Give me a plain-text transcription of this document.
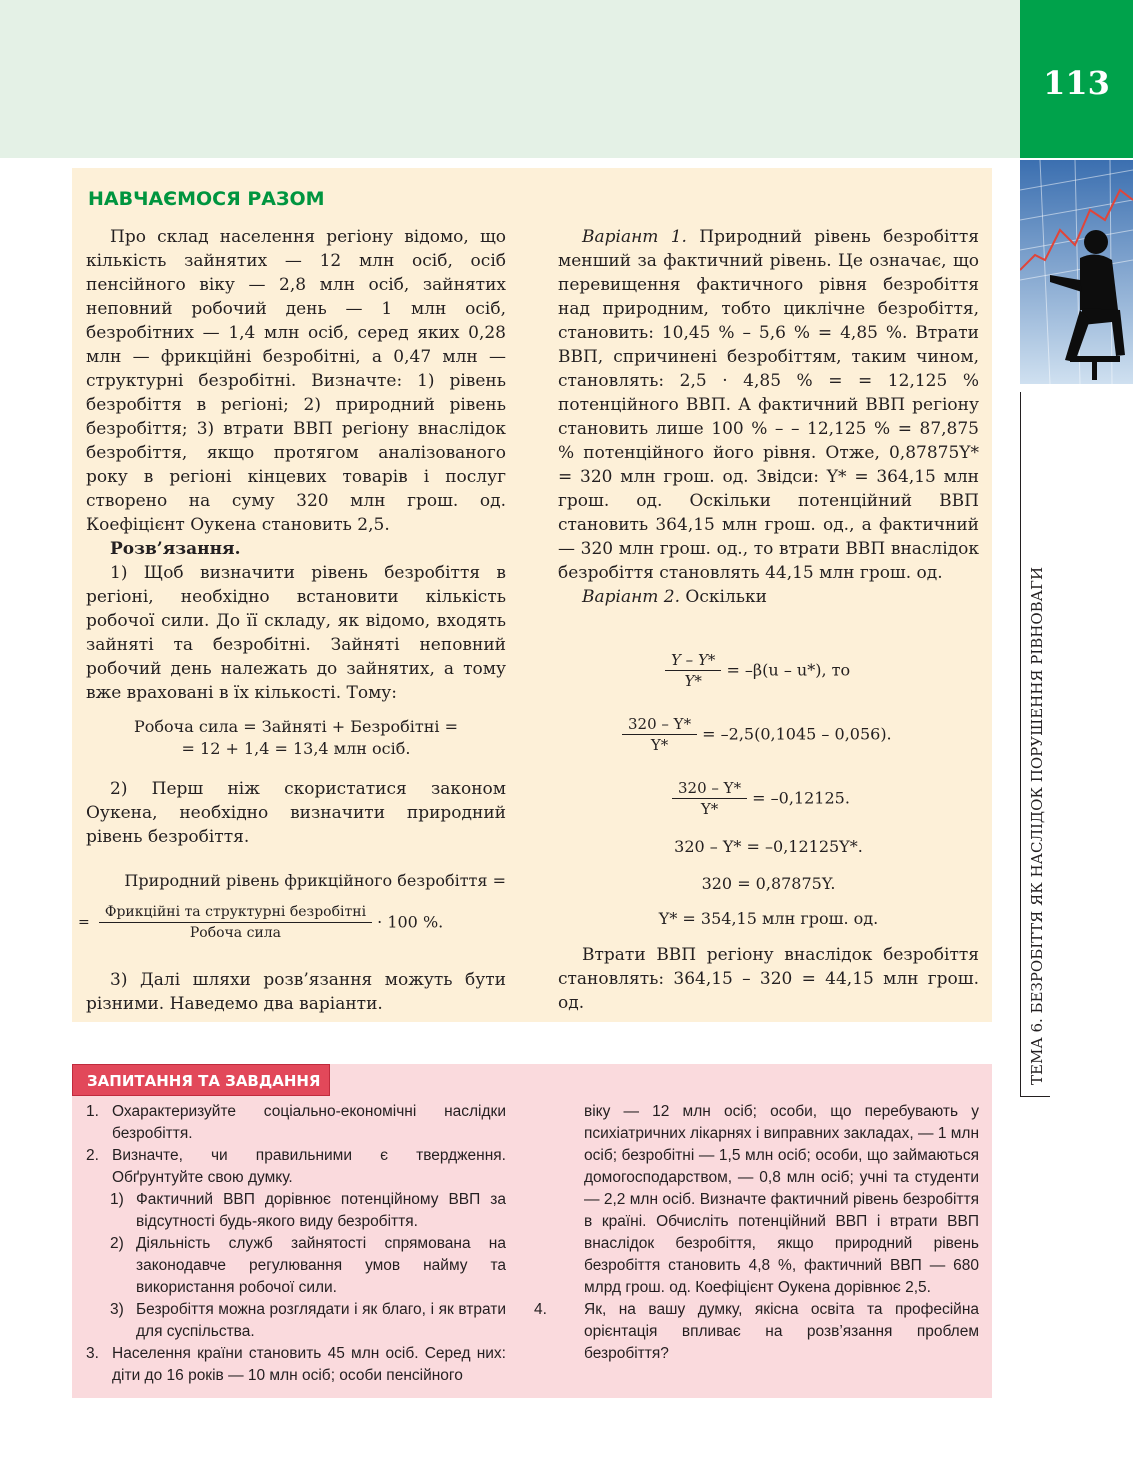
113
ТЕМА 6. БЕЗРОБІТТЯ ЯК НАСЛІДОК ПОРУШЕННЯ РІВНОВАГИ
НАВЧАЄМОСЯ РАЗОМ

Про склад населення регіону відомо, що кількість зайнятих — 12 млн осіб, осіб пенсійного віку — 2,8 млн осіб, зайнятих неповний робочий день — 1 млн осіб, безробітних — 1,4 млн осіб, серед яких 0,28 млн — фрикційні безробітні, а 0,47 млн — структурні безробітні. Визначте: 1) рівень безробіття в регіоні; 2) природний рівень безробіття; 3) втрати ВВП регіону внаслідок безробіття, якщо протягом аналізованого року в регіоні кінцевих товарів і послуг створено на суму 320 млн грош. од. Коефіцієнт Оукена становить 2,5.

Розв’язання.

1) Щоб визначити рівень безробіття в регіоні, необхідно встановити кількість робочої сили. До її складу, як відомо, входять зайняті та безробітні. Зайняті неповний робочий день належать до зайнятих, а тому вже враховані в їх кількості. Тому:

Робоча сила = Зайняті + Безробітні =
= 12 + 1,4 = 13,4 млн осіб.

2) Перш ніж скористатися законом Оукена, необхідно визначити природний рівень безробіття.

Природний рівень фрикційного безробіття =
= $\frac{\text{Фрикційні та структурні безробітні}}{\text{Робоча сила}} \cdot 100$ %.

3) Далі шляхи розв’язання можуть бути різними. Наведемо два варіанти.

Варіант 1. Природний рівень безробіття менший за фактичний рівень. Це означає, що перевищення фактичного рівня безробіття над природним, тобто циклічне безробіття, становить: 10,45 % – 5,6 % = 4,85 %. Втрати ВВП, спричинені безробіттям, таким чином, становлять: 2,5 · 4,85 % = = 12,125 % потенційного ВВП. А фактичний ВВП регіону становить лише 100 % – – 12,125 % = 87,875 % потенційного його рівня. Отже, 0,87875Y* = 320 млн грош. од. Звідси: Y* = 364,15 млн грош. од. Оскільки потенційний ВВП становить 364,15 млн грош. од., а фактичний — 320 млн грош. од., то втрати ВВП внаслідок безробіття становлять 44,15 млн грош. од.

Варіант 2. Оскільки

$\frac{Y - Y*}{Y*} = -\beta(u - u*)$, то
$\frac{320 - Y*}{Y*} = -2,5(0,1045 - 0,056)$.
$\frac{320 - Y*}{Y*} = -0,12125$.
320 – Y* = –0,12125Y*.
320 = 0,87875Y.
Y* = 354,15 млн грош. од.

Втрати ВВП регіону внаслідок безробіття становлять: 364,15 – 320 = 44,15 млн грош. од.

ЗАПИТАННЯ ТА ЗАВДАННЯ
1. Охарактеризуйте соціально-економічні наслідки безробіття.
2. Визначте, чи правильними є твердження. Обґрунтуйте свою думку.
1) Фактичний ВВП дорівнює потенційному ВВП за відсутності будь-якого виду безробіття.
2) Діяльність служб зайнятості спрямована на законодавче регулювання умов найму та використання робочої сили.
3) Безробіття можна розглядати і як благо, і як втрати для суспільства.
3. Населення країни становить 45 млн осіб. Серед них: діти до 16 років — 10 млн осіб; особи пенсійного
віку — 12 млн осіб; особи, що перебувають у психіатричних лікарнях і виправних закладах, — 1 млн осіб; безробітні — 1,5 млн осіб; особи, що займаються домогосподарством, — 0,8 млн осіб; учні та студенти — 2,2 млн осіб. Визначте фактичний рівень безробіття в країні. Обчисліть потенційний ВВП і втрати ВВП внаслідок безробіття, якщо природний рівень безробіття становить 4,8 %, фактичний ВВП — 680 млрд грош. од. Коефіцієнт Оукена дорівнює 2,5.
4. Як, на вашу думку, якісна освіта та професійна орієнтація впливає на розв’язання проблем безробіття?
